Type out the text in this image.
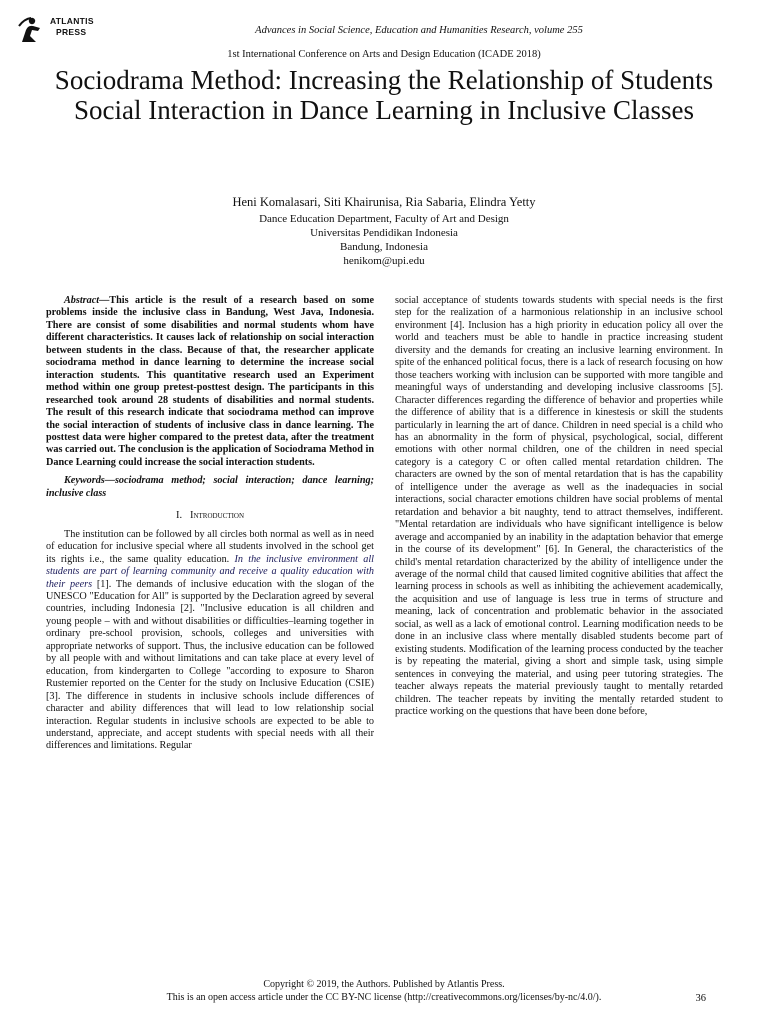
ATLANTIS
PRESS	Advances in Social Science, Education and Humanities Research, volume 255
1st International Conference on Arts and Design Education (ICADE 2018)
Sociodrama Method: Increasing the Relationship of Students Social Interaction in Dance Learning in Inclusive Classes
Heni Komalasari, Siti Khairunisa, Ria Sabaria, Elindra Yetty
Dance Education Department, Faculty of Art and Design
Universitas Pendidikan Indonesia
Bandung, Indonesia
henikom@upi.edu

Abstract—This article is the result of a research based on some problems inside the inclusive class in Bandung, West Java, Indonesia. There are consist of some disabilities and normal students whom have different characteristics. It causes lack of relationship on social interaction between students in the class. Because of that, the researcher applicate sociodrama method in dance learning to determine the increase social interaction students. This quantitative research used an Experiment method within one group pretest-posttest design. The participants in this researched took around 28 students of disabilities and normal students. The result of this research indicate that sociodrama method can improve the social interaction of students of inclusive class in dance learning. The posttest data were higher compared to the pretest data, after the treatment was carried out. The conclusion is the application of Sociodrama Method in Dance Learning could increase the social interaction students.

Keywords—sociodrama method; social interaction; dance learning; inclusive class

I. Introduction

The institution can be followed by all circles both normal as well as in need of education for inclusive special where all students involved in the school get its rights i.e., the same quality education. In the inclusive environment all students are part of learning community and receive a quality education with their peers [1]. The demands of inclusive education with the slogan of the UNESCO "Education for All" is supported by the Declaration agreed by several countries, including Indonesia [2]. "Inclusive education is all children and young people – with and without disabilities or difficulties–learning together in ordinary pre-school provision, schools, colleges and universities with appropriate networks of support. Thus, the inclusive education can be followed by all people with and without limitations and can take place at every level of education, from kindergarten to College "according to exposure to Sharon Rustemier reported on the Center for the study on Inclusive Education (CSIE) [3]. The difference in students in inclusive schools include differences of character and ability differences that will lead to low relationship social interaction. Regular students in inclusive schools are expected to be able to understand, appreciate, and accept students with special needs with all their differences and limitations. Regular

social acceptance of students towards students with special needs is the first step for the realization of a harmonious relationship in an inclusive school environment [4]. Inclusion has a high priority in education policy all over the world and teachers must be able to handle in practice increasing student diversity and the demands for creating an inclusive learning environment. In spite of the enhanced political focus, there is a lack of research focusing on how those teachers working with inclusion can be supported with more tangible and meaningful ways of understanding and developing inclusive classrooms [5]. Character differences regarding the difference of behavior and properties while the difference of ability that is a difference in kinestesis or skill the students particularly in learning the art of dance. Children in need special is a child who has an abnormality in the form of physical, psychological, social, different emotions with other normal children, one of the children in need special category is a category C or often called mental retardation children. The characters are owned by the son of mental retardation that is has the capability of intelligence under the average as well as the inadequacies in social interactions, social character emotions children have social problems of mental retardation and behavior a bit naughty, tend to attract themselves, indifferent. "Mental retardation are individuals who have significant intelligence is below average and accompanied by an inability in the adaptation behavior that emerge in the course of its development" [6]. In General, the characteristics of the child's mental retardation characterized by the ability of intelligence under the average of the normal child that caused limited cognitive abilities that affect the learning process in schools as well as inhibiting the achievement academically, the acquisition and use of language is less true in terms of structure and meaning, lack of concentration and problematic behavior in the associated social, as well as a lack of emotional control. Learning modification needs to be done in an inclusive class where mentally disabled students become part of existing students. Modification of the learning process conducted by the teacher is by repeating the material, giving a short and simple task, using simple sentences in conveying the material, and using peer tutoring strategies. The teacher always repeats the material previously taught to mentally retarded children. The teacher repeats by inviting the mentally retarded student to practice working on the questions that have been done before,

Copyright © 2019, the Authors. Published by Atlantis Press.
This is an open access article under the CC BY-NC license (http://creativecommons.org/licenses/by-nc/4.0/).	36
